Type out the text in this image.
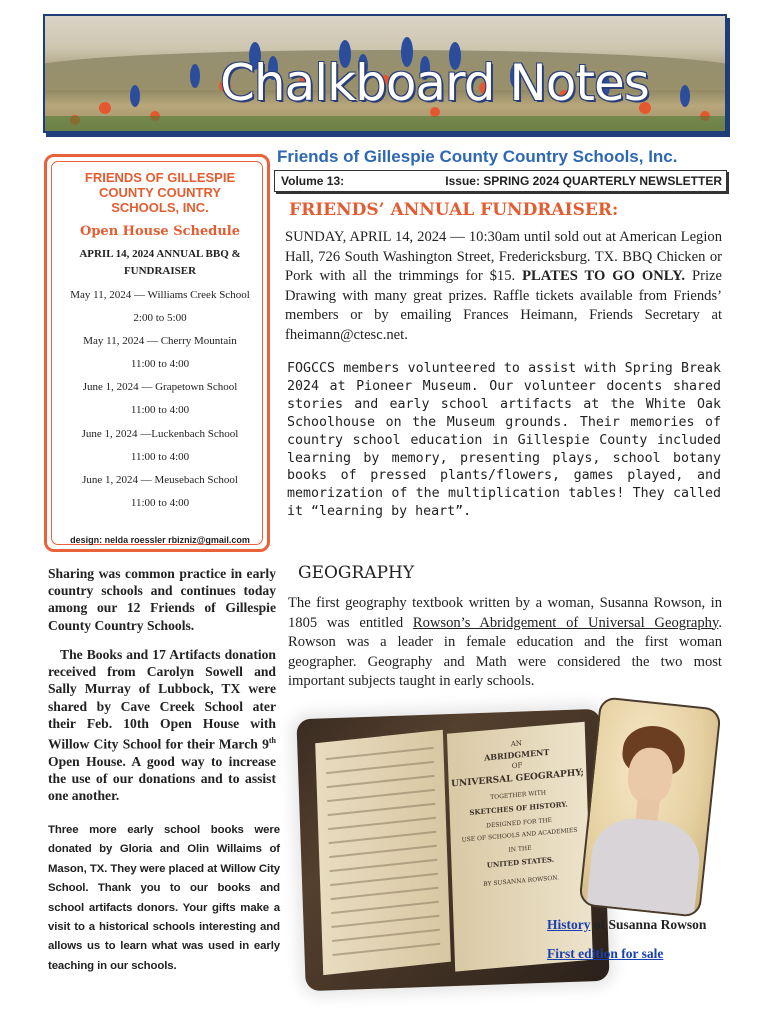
Chalkboard Notes
Friends of Gillespie County Country Schools, Inc.
Volume 13:	Issue: SPRING 2024 QUARTERLY NEWSLETTER
FRIENDS OF GILLESPIE
COUNTY COUNTRY
SCHOOLS, INC.
Open House Schedule
APRIL 14, 2024 ANNUAL BBQ &
FUNDRAISER
May 11, 2024 — Williams Creek School
2:00 to 5:00
May 11, 2024 — Cherry Mountain
11:00 to 4:00
June 1, 2024 — Grapetown School
11:00 to 4:00
June 1, 2024 —Luckenbach School
11:00 to 4:00
June 1, 2024 — Meusebach School
11:00 to 4:00
design: nelda roessler rbizniz@gmail.com
FRIENDS’ ANNUAL FUNDRAISER:
SUNDAY, APRIL 14, 2024 — 10:30am until sold out at American Legion Hall, 726 South Washington Street, Fredericksburg. TX. BBQ Chicken or Pork with all the trimmings for $15. PLATES TO GO ONLY. Prize Drawing with many great prizes. Raffle tickets available from Friends’ members or by emailing Frances Heimann, Friends Secretary at fheimann@ctesc.net.
FOGCCS members volunteered to assist with Spring Break 2024 at Pioneer Museum. Our volunteer docents shared stories and early school artifacts at the White Oak Schoolhouse on the Museum grounds. Their memories of country school education in Gillespie County included learning by memory, presenting plays, school botany books of pressed plants/flowers, games played, and memorization of the multiplication tables! They called it “learning by heart”.
Sharing was common practice in early country schools and continues today among our 12 Friends of Gillespie County Country Schools.
The Books and 17 Artifacts donation received from Carolyn Sowell and Sally Murray of Lubbock, TX were shared by Cave Creek School ater their Feb. 10th Open House with Willow City School for their March 9th Open House. A good way to increase the use of our donations and to assist one another.
Three more early school books were donated by Gloria and Olin Willaims of Mason, TX. They were placed at Willow City School. Thank you to our books and school artifacts donors. Your gifts make a visit to a historical schools interesting and allows us to learn what was used in early teaching in our schools.
GEOGRAPHY
The first geography textbook written by a woman, Susanna Rowson, in 1805 was entitled Rowson’s Abridgement of Universal Geography. Rowson was a leader in female education and the first woman geographer. Geography and Math were considered the two most important subjects taught in early schools.
AN
ABRIDGMENT
OF
UNIVERSAL GEOGRAPHY;
TOGETHER WITH
SKETCHES OF HISTORY.
DESIGNED FOR THE
USE OF SCHOOLS AND ACADEMIES
IN THE
UNITED STATES.
BY SUSANNA ROWSON.
History of Susanna Rowson
First edition for sale
